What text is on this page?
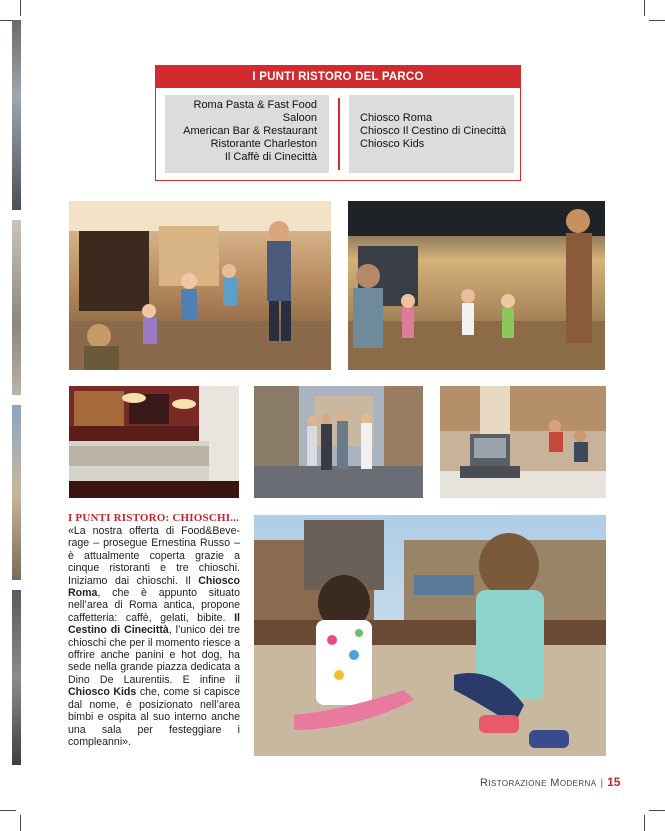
I PUNTI RISTORO DEL PARCO
Roma Pasta & Fast Food
Saloon
American Bar & Restaurant
Ristorante Charleston
Il Caffè di Cinecittà
Chiosco Roma
Chiosco Il Cestino di Cinecittà
Chiosco Kids
I PUNTI RISTORO: CHIOSCHI...
«La nostra offerta di Food&Beverage – prosegue Ernestina Russo – è attualmente coperta grazie a cinque ristoranti e tre chioschi. Iniziamo dai chioschi. Il Chiosco Roma, che è appunto situato nell’area di Roma antica, propone caffetteria: caffè, gelati, bibite. Il Cestino di Cinecittà, l’unico dei tre chioschi che per il momento riesce a offrire anche panini e hot dog, ha sede nella grande piazza dedicata a Dino De Laurentiis. E infine il Chiosco Kids che, come si capisce dal nome, è posizionato nell’area bimbi e ospita al suo interno anche una sala per festeggiare i compleanni».
Ristorazione Moderna | 15
